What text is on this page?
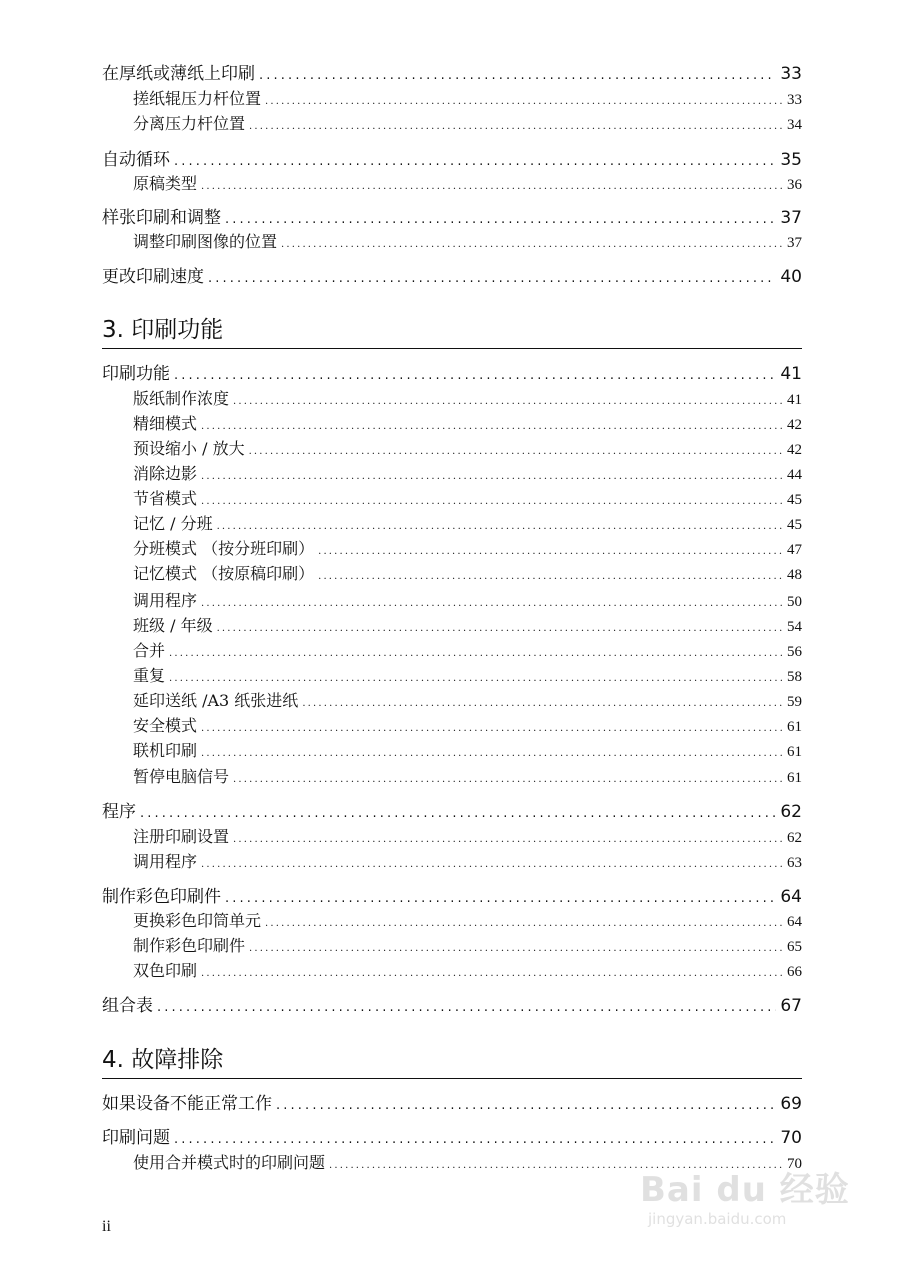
在厚纸或薄纸上印刷 . . .	33
搓纸辊压力杆位置 . . .	33
分离压力杆位置 . . .	34
自动循环 . . .	35
原稿类型 . . .	36
样张印刷和调整 . . .	37
调整印刷图像的位置 . . .	37
更改印刷速度 . . .	40
3. 印刷功能
印刷功能 . . .	41
版纸制作浓度 . . .	41
精细模式 . . .	42
预设缩小 / 放大 . . .	42
消除边影 . . .	44
节省模式 . . .	45
记忆 / 分班 . . .	45
分班模式 （按分班印刷） . . .	47
记忆模式 （按原稿印刷） . . .	48
调用程序 . . .	50
班级 / 年级 . . .	54
合并 . . .	56
重复 . . .	58
延印送纸 /A3 纸张进纸 . . .	59
安全模式 . . .	61
联机印刷 . . .	61
暂停电脑信号 . . .	61
程序 . . .	62
注册印刷设置 . . .	62
调用程序 . . .	63
制作彩色印刷件 . . .	64
更换彩色印筒单元 . . .	64
制作彩色印刷件 . . .	65
双色印刷 . . .	66
组合表 . . .	67
4. 故障排除
如果设备不能正常工作 . . .	69
印刷问题 . . .	70
使用合并模式时的印刷问题 . . .	70
ii
Bai du 经验
jingyan.baidu.com
